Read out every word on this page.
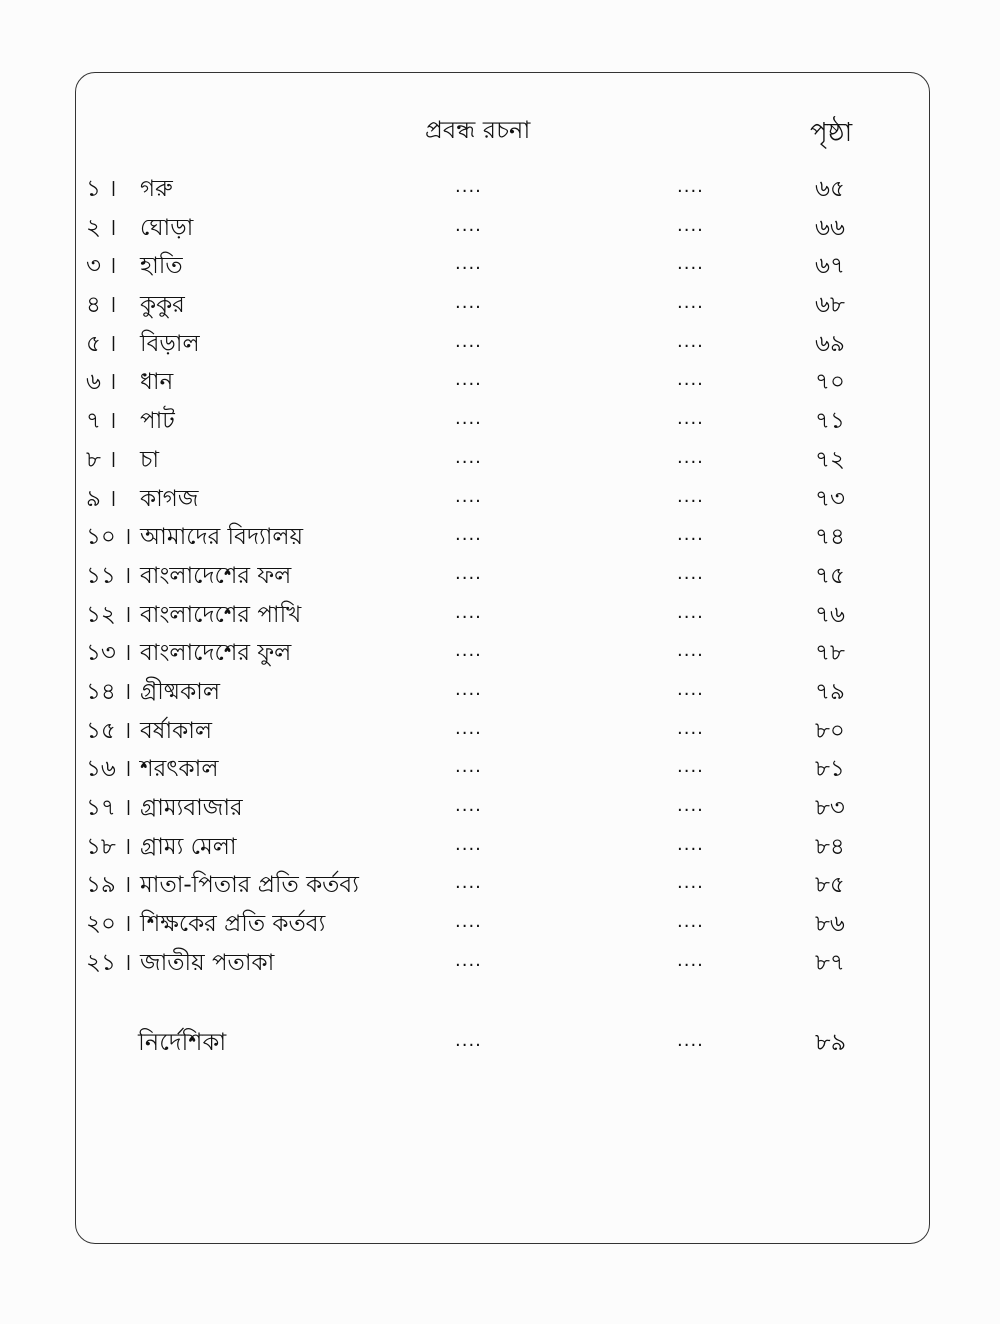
প্রবন্ধ রচনা	পৃষ্ঠা
১ । গরু	....	....	৬৫
২ । ঘোড়া	....	....	৬৬
৩ । হাতি	....	....	৬৭
৪ । কুকুর	....	....	৬৮
৫ । বিড়াল	....	....	৬৯
৬ । ধান	....	....	৭০
৭ । পাট	....	....	৭১
৮ । চা	....	....	৭২
৯ । কাগজ	....	....	৭৩
১০ । আমাদের বিদ্যালয়	....	....	৭৪
১১ । বাংলাদেশের ফল	....	....	৭৫
১২ । বাংলাদেশের পাখি	....	....	৭৬
১৩ । বাংলাদেশের ফুল	....	....	৭৮
১৪ । গ্রীষ্মকাল	....	....	৭৯
১৫ । বর্ষাকাল	....	....	৮০
১৬ । শরৎকাল	....	....	৮১
১৭ । গ্রাম্যবাজার	....	....	৮৩
১৮ । গ্রাম্য মেলা	....	....	৮৪
১৯ । মাতা-পিতার প্রতি কর্তব্য	....	....	৮৫
২০ । শিক্ষকের প্রতি কর্তব্য	....	....	৮৬
২১ । জাতীয় পতাকা	....	....	৮৭
নির্দেশিকা	....	....	৮৯
